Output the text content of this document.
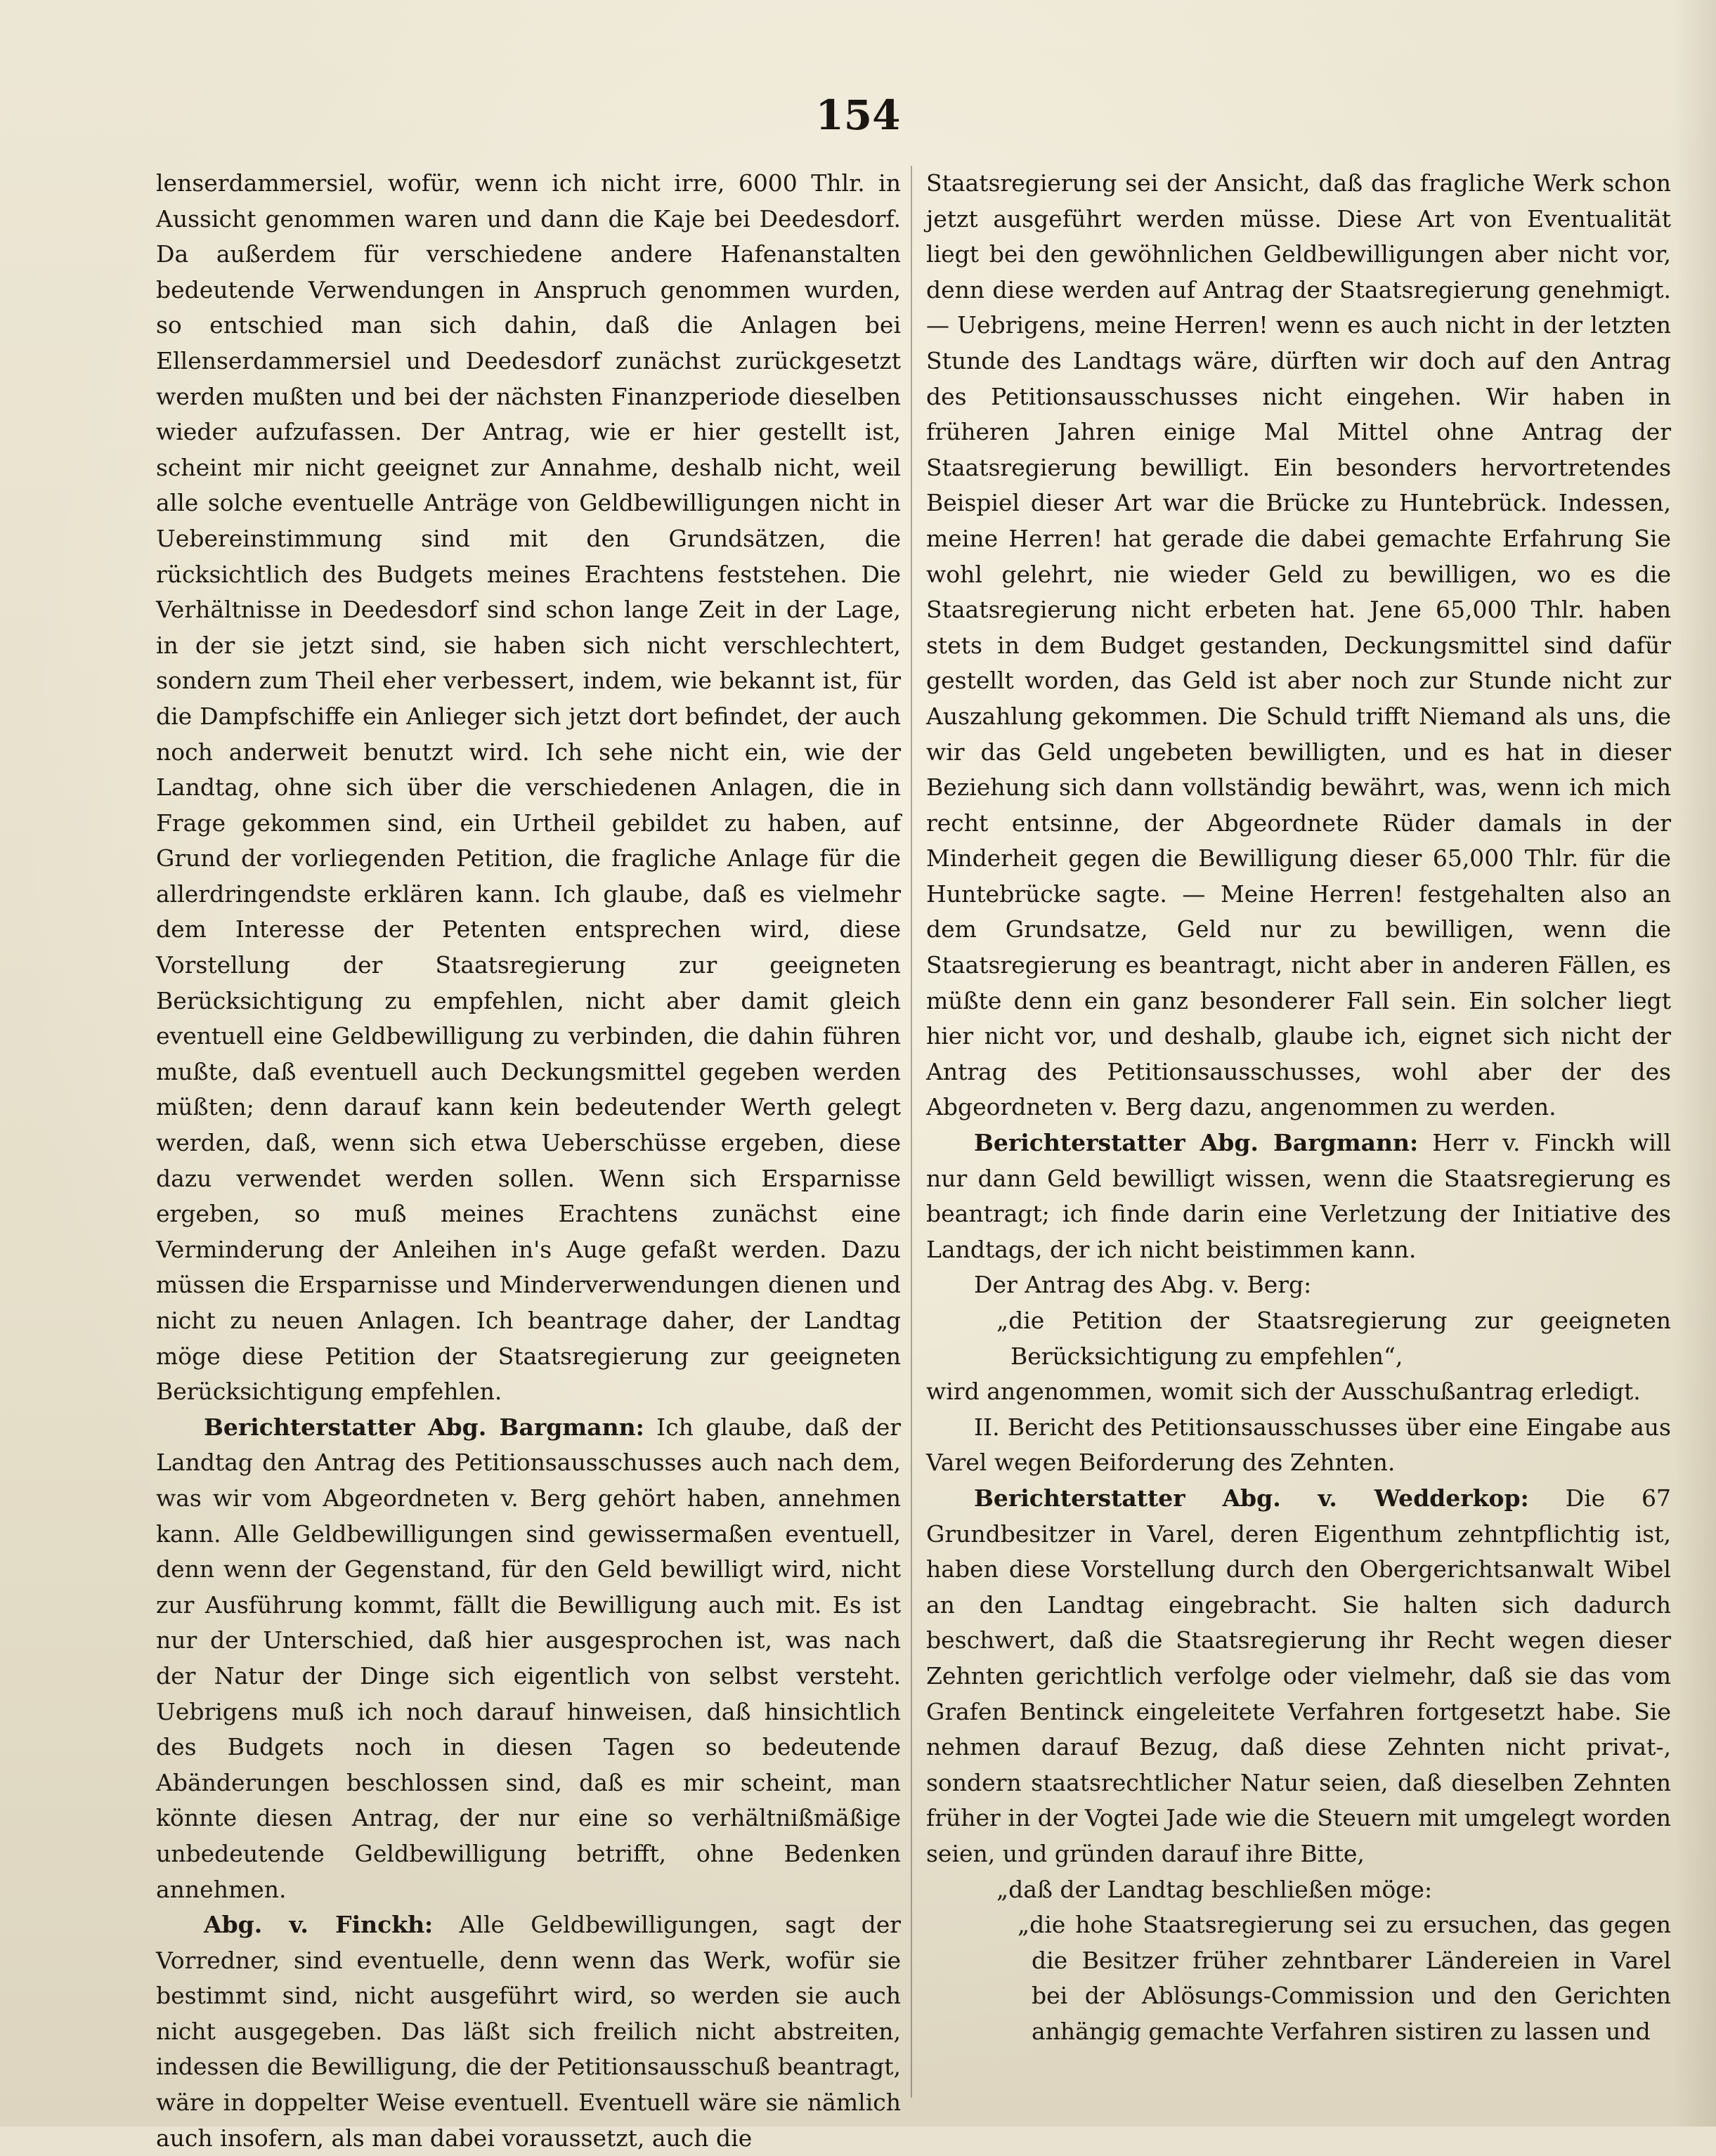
154

lenserdammersiel, wofür, wenn ich nicht irre, 6000 Thlr. in Aussicht genommen waren und dann die Kaje bei Deedesdorf. Da außerdem für verschiedene andere Hafenanstalten bedeutende Verwendungen in Anspruch genommen wurden, so entschied man sich dahin, daß die Anlagen bei Ellenserdammersiel und Deedesdorf zunächst zurückgesetzt werden mußten und bei der nächsten Finanzperiode dieselben wieder aufzufassen. Der Antrag, wie er hier gestellt ist, scheint mir nicht geeignet zur Annahme, deshalb nicht, weil alle solche eventuelle Anträge von Geldbewilligungen nicht in Uebereinstimmung sind mit den Grundsätzen, die rücksichtlich des Budgets meines Erachtens feststehen. Die Verhältnisse in Deedesdorf sind schon lange Zeit in der Lage, in der sie jetzt sind, sie haben sich nicht verschlechtert, sondern zum Theil eher verbessert, indem, wie bekannt ist, für die Dampfschiffe ein Anlieger sich jetzt dort befindet, der auch noch anderweit benutzt wird. Ich sehe nicht ein, wie der Landtag, ohne sich über die verschiedenen Anlagen, die in Frage gekommen sind, ein Urtheil gebildet zu haben, auf Grund der vorliegenden Petition, die fragliche Anlage für die allerdringendste erklären kann. Ich glaube, daß es vielmehr dem Interesse der Petenten entsprechen wird, diese Vorstellung der Staatsregierung zur geeigneten Berücksichtigung zu empfehlen, nicht aber damit gleich eventuell eine Geldbewilligung zu verbinden, die dahin führen mußte, daß eventuell auch Deckungsmittel gegeben werden müßten; denn darauf kann kein bedeutender Werth gelegt werden, daß, wenn sich etwa Ueberschüsse ergeben, diese dazu verwendet werden sollen. Wenn sich Ersparnisse ergeben, so muß meines Erachtens zunächst eine Verminderung der Anleihen in's Auge gefaßt werden. Dazu müssen die Ersparnisse und Minderverwendungen dienen und nicht zu neuen Anlagen. Ich beantrage daher, der Landtag möge diese Petition der Staatsregierung zur geeigneten Berücksichtigung empfehlen.

Berichterstatter Abg. Bargmann: Ich glaube, daß der Landtag den Antrag des Petitionsausschusses auch nach dem, was wir vom Abgeordneten v. Berg gehört haben, annehmen kann. Alle Geldbewilligungen sind gewissermaßen eventuell, denn wenn der Gegenstand, für den Geld bewilligt wird, nicht zur Ausführung kommt, fällt die Bewilligung auch mit. Es ist nur der Unterschied, daß hier ausgesprochen ist, was nach der Natur der Dinge sich eigentlich von selbst versteht. Uebrigens muß ich noch darauf hinweisen, daß hinsichtlich des Budgets noch in diesen Tagen so bedeutende Abänderungen beschlossen sind, daß es mir scheint, man könnte diesen Antrag, der nur eine so verhältnißmäßige unbedeutende Geldbewilligung betrifft, ohne Bedenken annehmen.

Abg. v. Finckh: Alle Geldbewilligungen, sagt der Vorredner, sind eventuelle, denn wenn das Werk, wofür sie bestimmt sind, nicht ausgeführt wird, so werden sie auch nicht ausgegeben. Das läßt sich freilich nicht abstreiten, indessen die Bewilligung, die der Petitionsausschuß beantragt, wäre in doppelter Weise eventuell. Eventuell wäre sie nämlich auch insofern, als man dabei voraussetzt, auch die

Staatsregierung sei der Ansicht, daß das fragliche Werk schon jetzt ausgeführt werden müsse. Diese Art von Eventualität liegt bei den gewöhnlichen Geldbewilligungen aber nicht vor, denn diese werden auf Antrag der Staatsregierung genehmigt. — Uebrigens, meine Herren! wenn es auch nicht in der letzten Stunde des Landtags wäre, dürften wir doch auf den Antrag des Petitionsausschusses nicht eingehen. Wir haben in früheren Jahren einige Mal Mittel ohne Antrag der Staatsregierung bewilligt. Ein besonders hervortretendes Beispiel dieser Art war die Brücke zu Huntebrück. Indessen, meine Herren! hat gerade die dabei gemachte Erfahrung Sie wohl gelehrt, nie wieder Geld zu bewilligen, wo es die Staatsregierung nicht erbeten hat. Jene 65,000 Thlr. haben stets in dem Budget gestanden, Deckungsmittel sind dafür gestellt worden, das Geld ist aber noch zur Stunde nicht zur Auszahlung gekommen. Die Schuld trifft Niemand als uns, die wir das Geld ungebeten bewilligten, und es hat in dieser Beziehung sich dann vollständig bewährt, was, wenn ich mich recht entsinne, der Abgeordnete Rüder damals in der Minderheit gegen die Bewilligung dieser 65,000 Thlr. für die Huntebrücke sagte. — Meine Herren! festgehalten also an dem Grundsatze, Geld nur zu bewilligen, wenn die Staatsregierung es beantragt, nicht aber in anderen Fällen, es müßte denn ein ganz besonderer Fall sein. Ein solcher liegt hier nicht vor, und deshalb, glaube ich, eignet sich nicht der Antrag des Petitionsausschusses, wohl aber der des Abgeordneten v. Berg dazu, angenommen zu werden.

Berichterstatter Abg. Bargmann: Herr v. Finckh will nur dann Geld bewilligt wissen, wenn die Staatsregierung es beantragt; ich finde darin eine Verletzung der Initiative des Landtags, der ich nicht beistimmen kann.

Der Antrag des Abg. v. Berg:

„die Petition der Staatsregierung zur geeigneten Berücksichtigung zu empfehlen“,

wird angenommen, womit sich der Ausschußantrag erledigt.

II. Bericht des Petitionsausschusses über eine Eingabe aus Varel wegen Beiforderung des Zehnten.

Berichterstatter Abg. v. Wedderkop: Die 67 Grundbesitzer in Varel, deren Eigenthum zehntpflichtig ist, haben diese Vorstellung durch den Obergerichtsanwalt Wibel an den Landtag eingebracht. Sie halten sich dadurch beschwert, daß die Staatsregierung ihr Recht wegen dieser Zehnten gerichtlich verfolge oder vielmehr, daß sie das vom Grafen Bentinck eingeleitete Verfahren fortgesetzt habe. Sie nehmen darauf Bezug, daß diese Zehnten nicht privat-, sondern staatsrechtlicher Natur seien, daß dieselben Zehnten früher in der Vogtei Jade wie die Steuern mit umgelegt worden seien, und gründen darauf ihre Bitte,

„daß der Landtag beschließen möge:

„die hohe Staatsregierung sei zu ersuchen, das gegen die Besitzer früher zehntbarer Ländereien in Varel bei der Ablösungs-Commission und den Gerichten anhängig gemachte Verfahren sistiren zu lassen und
